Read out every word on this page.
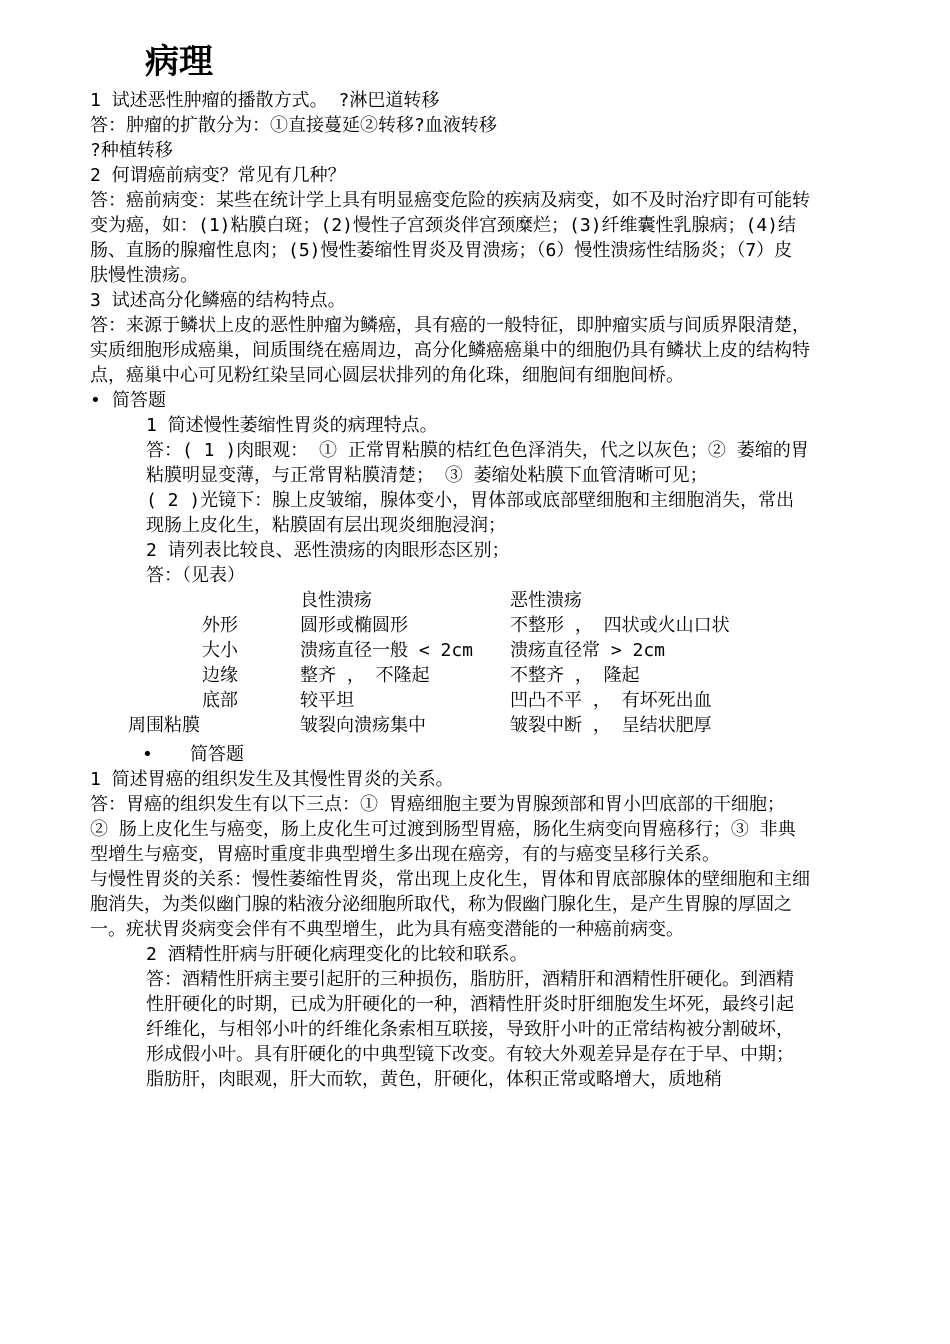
病理

1 试述恶性肿瘤的播散方式。 ?淋巴道转移

答：肿瘤的扩散分为：①直接蔓延②转移?血液转移

?种植转移

2 何谓癌前病变？常见有几种？

答：癌前病变：某些在统计学上具有明显癌变危险的疾病及病变，如不及时治疗即有可能转变为癌，如：(1)粘膜白斑；(2)慢性子宫颈炎伴宫颈糜烂；(3)纤维囊性乳腺病；(4)结肠、直肠的腺瘤性息肉；(5)慢性萎缩性胃炎及胃溃疡；（6）慢性溃疡性结肠炎；（7）皮肤慢性溃疡。

3 试述高分化鳞癌的结构特点。

答：来源于鳞状上皮的恶性肿瘤为鳞癌，具有癌的一般特征，即肿瘤实质与间质界限清楚，实质细胞形成癌巢，间质围绕在癌周边，高分化鳞癌癌巢中的细胞仍具有鳞状上皮的结构特点，癌巢中心可见粉红染呈同心圆层状排列的角化珠，细胞间有细胞间桥。

• 简答题

1 简述慢性萎缩性胃炎的病理特点。

答：( 1 )肉眼观： ① 正常胃粘膜的桔红色色泽消失，代之以灰色；② 萎缩的胃粘膜明显变薄，与正常胃粘膜清楚； ③ 萎缩处粘膜下血管清晰可见；

( 2 )光镜下：腺上皮皱缩，腺体变小，胃体部或底部壁细胞和主细胞消失，常出现肠上皮化生，粘膜固有层出现炎细胞浸润；

2 请列表比较良、恶性溃疡的肉眼形态区别；

答：（见表）

	良性溃疡	恶性溃疡

外形	圆形或椭圆形	不整形 ， 四状或火山口状

大小	溃疡直径一般 < 2cm	溃疡直径常 > 2cm

边缘	整齐 ， 不隆起	不整齐 ， 隆起

底部	较平坦	凹凸不平 ， 有坏死出血

周围粘膜	皱裂向溃疡集中	皱裂中断 ， 呈结状肥厚

• 简答题

1 简述胃癌的组织发生及其慢性胃炎的关系。

答：胃癌的组织发生有以下三点：① 胃癌细胞主要为胃腺颈部和胃小凹底部的干细胞； ② 肠上皮化生与癌变，肠上皮化生可过渡到肠型胃癌，肠化生病变向胃癌移行；③ 非典型增生与癌变，胃癌时重度非典型增生多出现在癌旁，有的与癌变呈移行关系。

与慢性胃炎的关系：慢性萎缩性胃炎，常出现上皮化生，胃体和胃底部腺体的壁细胞和主细胞消失，为类似幽门腺的粘液分泌细胞所取代，称为假幽门腺化生，是产生胃腺的厚固之一。疣状胃炎病变会伴有不典型增生，此为具有癌变潜能的一种癌前病变。

2 酒精性肝病与肝硬化病理变化的比较和联系。

答：酒精性肝病主要引起肝的三种损伤，脂肪肝，酒精肝和酒精性肝硬化。到酒精性肝硬化的时期，已成为肝硬化的一种，酒精性肝炎时肝细胞发生坏死，最终引起纤维化，与相邻小叶的纤维化条索相互联接，导致肝小叶的正常结构被分割破坏，形成假小叶。具有肝硬化的中典型镜下改变。有较大外观差异是存在于早、中期；

脂肪肝，肉眼观，肝大而软，黄色，肝硬化，体积正常或略增大，质地稍
